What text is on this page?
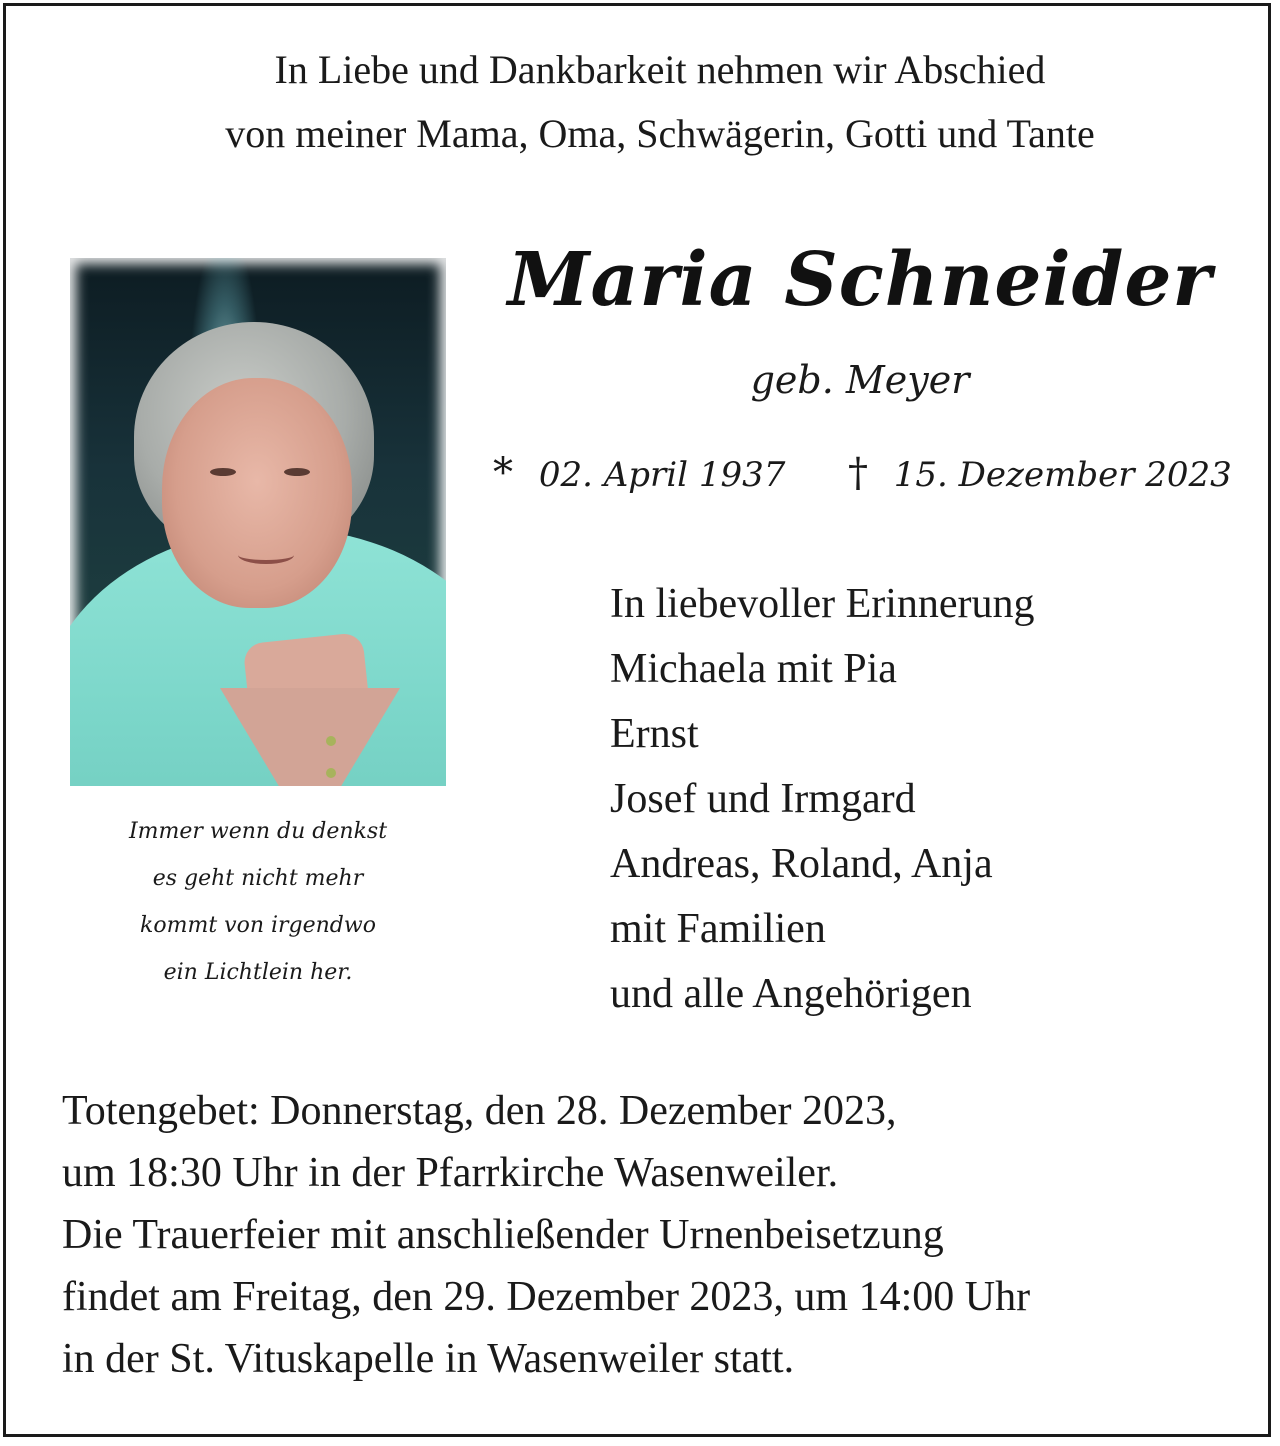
In Liebe und Dankbarkeit nehmen wir Abschied
von meiner Mama, Oma, Schwägerin, Gotti und Tante
Immer wenn du denkst
es geht nicht mehr
kommt von irgendwo
ein Lichtlein her.
Maria Schneider
geb. Meyer
* 02. April 1937 † 15. Dezember 2023
In liebevoller Erinnerung
Michaela mit Pia
Ernst
Josef und Irmgard
Andreas, Roland, Anja
mit Familien
und alle Angehörigen
Totengebet: Donnerstag, den 28. Dezember 2023,
um 18:30 Uhr in der Pfarrkirche Wasenweiler.
Die Trauerfeier mit anschließender Urnenbeisetzung
findet am Freitag, den 29. Dezember 2023, um 14:00 Uhr
in der St. Vituskapelle in Wasenweiler statt.
